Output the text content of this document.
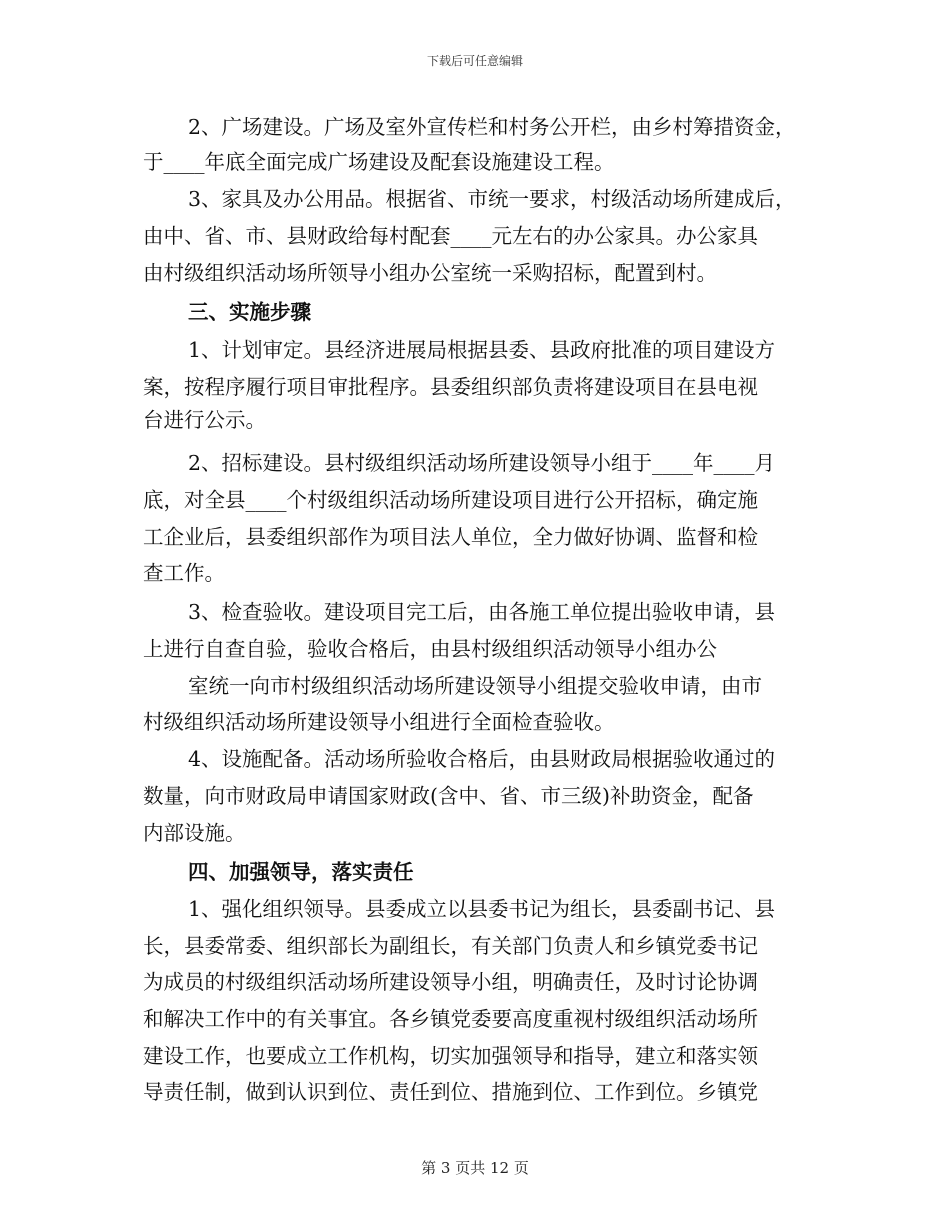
下载后可任意编辑
2、广场建设。广场及室外宣传栏和村务公开栏，由乡村筹措资金，
于____年底全面完成广场建设及配套设施建设工程。
3、家具及办公用品。根据省、市统一要求，村级活动场所建成后，
由中、省、市、县财政给每村配套____元左右的办公家具。办公家具
由村级组织活动场所领导小组办公室统一采购招标，配置到村。
三、实施步骤
1、计划审定。县经济进展局根据县委、县政府批准的项目建设方
案，按程序履行项目审批程序。县委组织部负责将建设项目在县电视
台进行公示。
2、招标建设。县村级组织活动场所建设领导小组于____年____月
底，对全县____个村级组织活动场所建设项目进行公开招标，确定施
工企业后，县委组织部作为项目法人单位，全力做好协调、监督和检
查工作。
3、检查验收。建设项目完工后，由各施工单位提出验收申请，县
上进行自查自验，验收合格后，由县村级组织活动领导小组办公
室统一向市村级组织活动场所建设领导小组提交验收申请，由市
村级组织活动场所建设领导小组进行全面检查验收。
4、设施配备。活动场所验收合格后，由县财政局根据验收通过的
数量，向市财政局申请国家财政(含中、省、市三级)补助资金，配备
内部设施。
四、加强领导，落实责任
1、强化组织领导。县委成立以县委书记为组长，县委副书记、县
长，县委常委、组织部长为副组长，有关部门负责人和乡镇党委书记
为成员的村级组织活动场所建设领导小组，明确责任，及时讨论协调
和解决工作中的有关事宜。各乡镇党委要高度重视村级组织活动场所
建设工作，也要成立工作机构，切实加强领导和指导，建立和落实领
导责任制，做到认识到位、责任到位、措施到位、工作到位。乡镇党
第 3 页共 12 页
